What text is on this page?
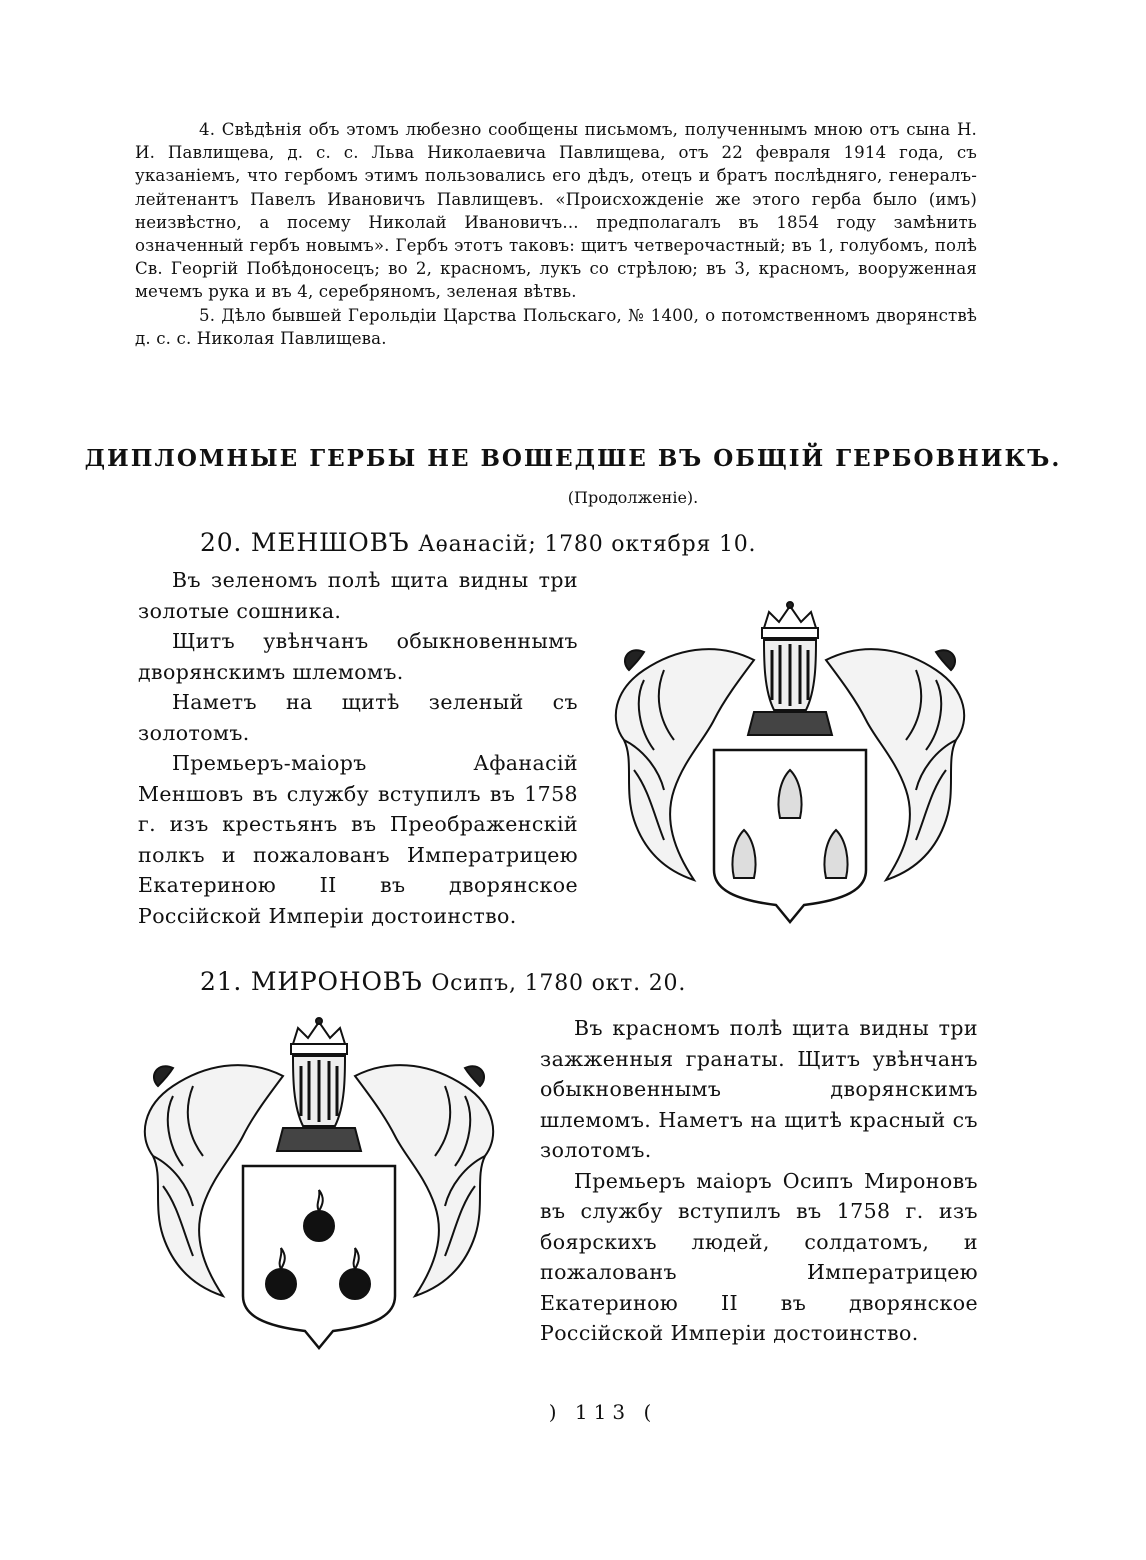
4. Свѣдѣнія объ этомъ любезно сообщены письмомъ, полученнымъ мною отъ сына Н. И. Павлищева, д. с. с. Льва Николаевича Павлищева, отъ 22 февраля 1914 года, съ указаніемъ, что гербомъ этимъ пользовались его дѣдъ, отецъ и братъ послѣдняго, генералъ-лейтенантъ Павелъ Ивановичъ Павлищевъ. «Происхожденіе же этого герба было (имъ) неизвѣстно, а посему Николай Ивановичъ... предполагалъ въ 1854 году замѣнить означенный гербъ новымъ». Гербъ этотъ таковъ: щитъ четверочастный; въ 1, голубомъ, полѣ Св. Георгій Побѣдоносецъ; во 2, красномъ, лукъ со стрѣлою; въ 3, красномъ, вооруженная мечемъ рука и въ 4, серебряномъ, зеленая вѣтвь.

5. Дѣло бывшей Герольдіи Царства Польскаго, № 1400, о потомственномъ дворянствѣ д. с. с. Николая Павлищева.

ДИПЛОМНЫЕ ГЕРБЫ НЕ ВОШЕДШЕ ВЪ ОБЩІЙ ГЕРБОВНИКЪ.
(Продолженіе).
20. МЕНШОВЪ Аѳанасій; 1780 октября 10.

Въ зеленомъ полѣ щита видны три золотые сошника.

Щитъ увѣнчанъ обыкновеннымъ дворянскимъ шлемомъ.

Наметъ на щитѣ зеленый съ золотомъ.

Премьеръ-маіоръ Афанасій Меншовъ въ службу вступилъ въ 1758 г. изъ крестьянъ въ Преображенскій полкъ и пожалованъ Императрицею Екатериною II въ дворянское Россійской Имперіи достоинство.

21. МИРОНОВЪ Осипъ, 1780 окт. 20.

Въ красномъ полѣ щита видны три зажженныя гранаты. Щитъ увѣнчанъ обыкновеннымъ дворянскимъ шлемомъ. Наметъ на щитѣ красный съ золотомъ.

Премьеръ маіоръ Осипъ Мироновъ въ службу вступилъ въ 1758 г. изъ боярскихъ людей, солдатомъ, и пожалованъ Императрицею Екатериною II въ дворянское Россійской Имперіи достоинство.

) 113 (
